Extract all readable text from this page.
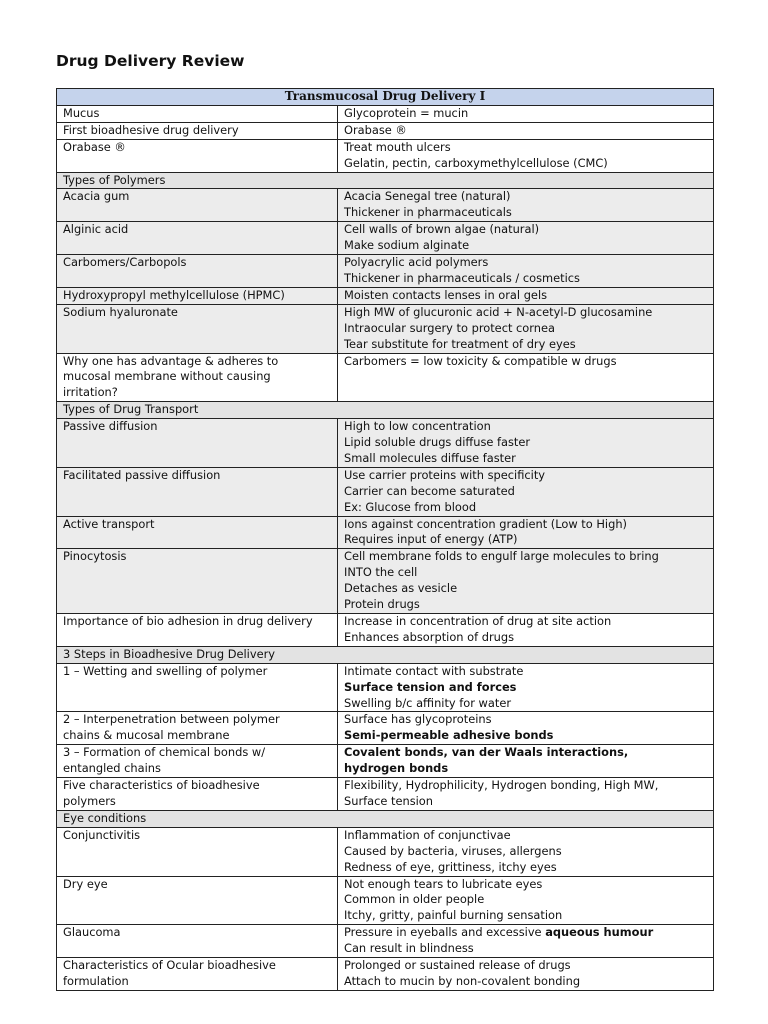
Drug Delivery Review
Transmucosal Drug Delivery I	

Mucus	Glycoprotein = mucin

First bioadhesive drug delivery	Orabase ®

Orabase ®	Treat mouth ulcers
Gelatin, pectin, carboxymethylcellulose (CMC)

Types of Polymers	

Acacia gum	Acacia Senegal tree (natural)
Thickener in pharmaceuticals

Alginic acid	Cell walls of brown algae (natural)
Make sodium alginate

Carbomers/Carbopols	Polyacrylic acid polymers
Thickener in pharmaceuticals / cosmetics

Hydroxypropyl methylcellulose (HPMC)	Moisten contacts lenses in oral gels

Sodium hyaluronate	High MW of glucuronic acid + N-acetyl-D glucosamine
Intraocular surgery to protect cornea
Tear substitute for treatment of dry eyes

Why one has advantage & adheres to
mucosal membrane without causing
irritation?	Carbomers = low toxicity & compatible w drugs

Types of Drug Transport	

Passive diffusion	High to low concentration
Lipid soluble drugs diffuse faster
Small molecules diffuse faster

Facilitated passive diffusion	Use carrier proteins with specificity
Carrier can become saturated
Ex: Glucose from blood

Active transport	Ions against concentration gradient (Low to High)
Requires input of energy (ATP)

Pinocytosis	Cell membrane folds to engulf large molecules to bring
INTO the cell
Detaches as vesicle
Protein drugs

Importance of bio adhesion in drug delivery	Increase in concentration of drug at site action
Enhances absorption of drugs

3 Steps in Bioadhesive Drug Delivery	

1 – Wetting and swelling of polymer	Intimate contact with substrate
Surface tension and forces
Swelling b/c affinity for water

2 – Interpenetration between polymer
chains & mucosal membrane	Surface has glycoproteins
Semi-permeable adhesive bonds

3 – Formation of chemical bonds w/
entangled chains	Covalent bonds, van der Waals interactions,
hydrogen bonds

Five characteristics of bioadhesive
polymers	Flexibility, Hydrophilicity, Hydrogen bonding, High MW,
Surface tension

Eye conditions	

Conjunctivitis	Inflammation of conjunctivae
Caused by bacteria, viruses, allergens
Redness of eye, grittiness, itchy eyes

Dry eye	Not enough tears to lubricate eyes
Common in older people
Itchy, gritty, painful burning sensation

Glaucoma	Pressure in eyeballs and excessive aqueous humour
Can result in blindness

Characteristics of Ocular bioadhesive
formulation	Prolonged or sustained release of drugs
Attach to mucin by non-covalent bonding
